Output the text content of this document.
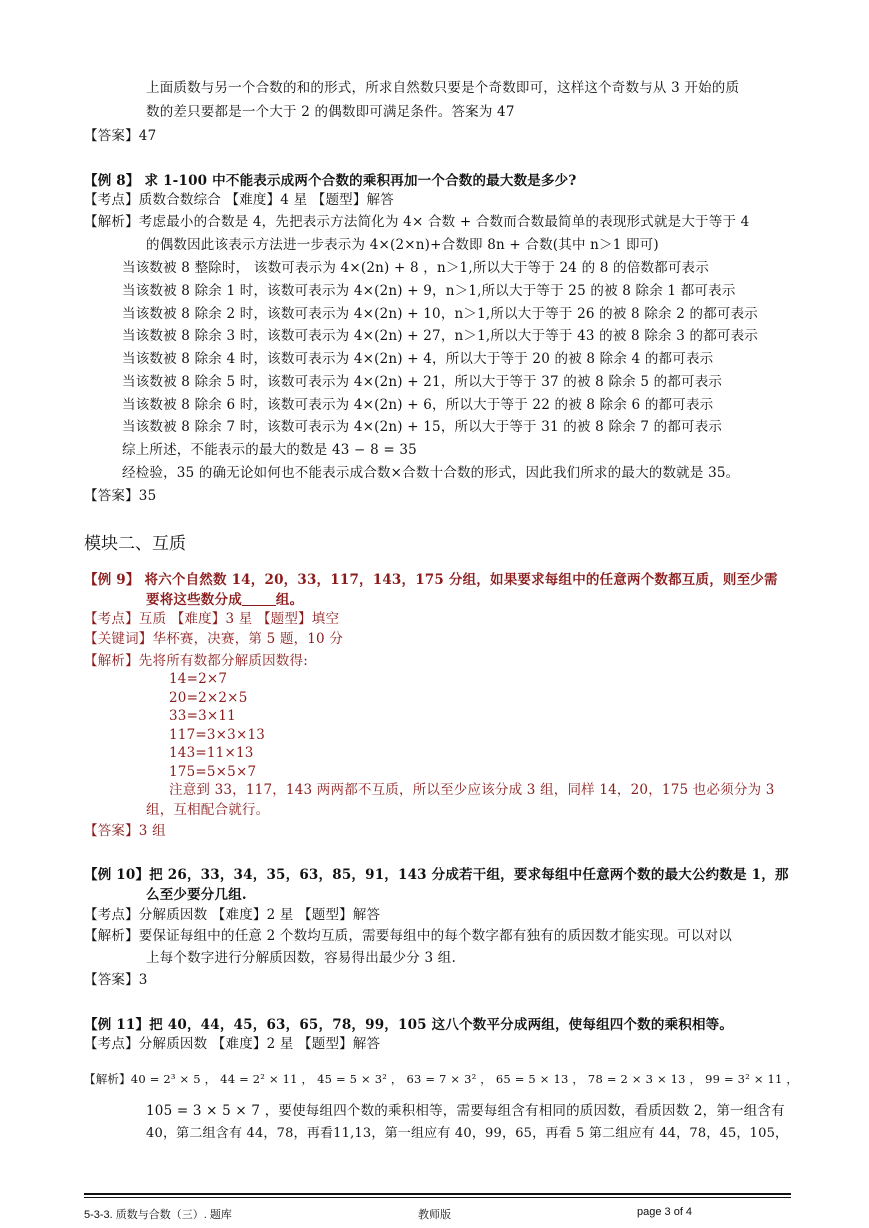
上面质数与另一个合数的和的形式，所求自然数只要是个奇数即可，这样这个奇数与从 3 开始的质
数的差只要都是一个大于 2 的偶数即可满足条件。答案为 47
【答案】47
【例 8】 求 1-100 中不能表示成两个合数的乘积再加一个合数的最大数是多少?
【考点】质数合数综合 【难度】4 星 【题型】解答
【解析】考虑最小的合数是 4，先把表示方法简化为 4× 合数 + 合数而合数最简单的表现形式就是大于等于 4
的偶数因此该表示方法进一步表示为 4×(2×n)+合数即 8n + 合数(其中 n＞1 即可)
当该数被 8 整除时， 该数可表示为 4×(2n) + 8 ，n＞1,所以大于等于 24 的 8 的倍数都可表示
当该数被 8 除余 1 时，该数可表示为 4×(2n) + 9，n＞1,所以大于等于 25 的被 8 除余 1 都可表示
当该数被 8 除余 2 时，该数可表示为 4×(2n) + 10，n＞1,所以大于等于 26 的被 8 除余 2 的都可表示
当该数被 8 除余 3 时，该数可表示为 4×(2n) + 27，n＞1,所以大于等于 43 的被 8 除余 3 的都可表示
当该数被 8 除余 4 时，该数可表示为 4×(2n) + 4，所以大于等于 20 的被 8 除余 4 的都可表示
当该数被 8 除余 5 时，该数可表示为 4×(2n) + 21，所以大于等于 37 的被 8 除余 5 的都可表示
当该数被 8 除余 6 时，该数可表示为 4×(2n) + 6，所以大于等于 22 的被 8 除余 6 的都可表示
当该数被 8 除余 7 时，该数可表示为 4×(2n) + 15，所以大于等于 31 的被 8 除余 7 的都可表示
综上所述，不能表示的最大的数是 43 − 8 = 35
经检验，35 的确无论如何也不能表示成合数×合数十合数的形式，因此我们所求的最大的数就是 35。
【答案】35
模块二、互质
【例 9】 将六个自然数 14，20，33，117，143，175 分组，如果要求每组中的任意两个数都互质，则至少需
要将这些数分成	组。
【考点】互质 【难度】3 星 【题型】填空
【关键词】华杯赛，决赛，第 5 题，10 分
【解析】先将所有数都分解质因数得:
14=2×7
20=2×2×5
33=3×11
117=3×3×13
143=11×13
175=5×5×7
注意到 33，117，143 两两都不互质，所以至少应该分成 3 组，同样 14，20，175 也必须分为 3
组，互相配合就行。
【答案】3 组
【例 10】把 26，33，34，35，63，85，91，143 分成若干组，要求每组中任意两个数的最大公约数是 1，那
么至少要分几组.
【考点】分解质因数 【难度】2 星 【题型】解答
【解析】要保证每组中的任意 2 个数均互质，需要每组中的每个数字都有独有的质因数才能实现。可以对以
上每个数字进行分解质因数，容易得出最少分 3 组.
【答案】3
【例 11】把 40，44，45，63，65，78，99，105 这八个数平分成两组，使每组四个数的乘积相等。
【考点】分解质因数 【难度】2 星 【题型】解答
【解析】40 = 2³ × 5 ， 44 = 2² × 11 ， 45 = 5 × 3² ， 63 = 7 × 3² ， 65 = 5 × 13 ， 78 = 2 × 3 × 13 ， 99 = 3² × 11 ，
105 = 3 × 5 × 7 ，要使每组四个数的乘积相等，需要每组含有相同的质因数，看质因数 2，第一组含有
40，第二组含有 44，78，再看11,13，第一组应有 40，99，65，再看 5 第二组应有 44，78，45，105，
5-3-3. 质数与合数（三）. 题库	教师版	page 3 of 4
